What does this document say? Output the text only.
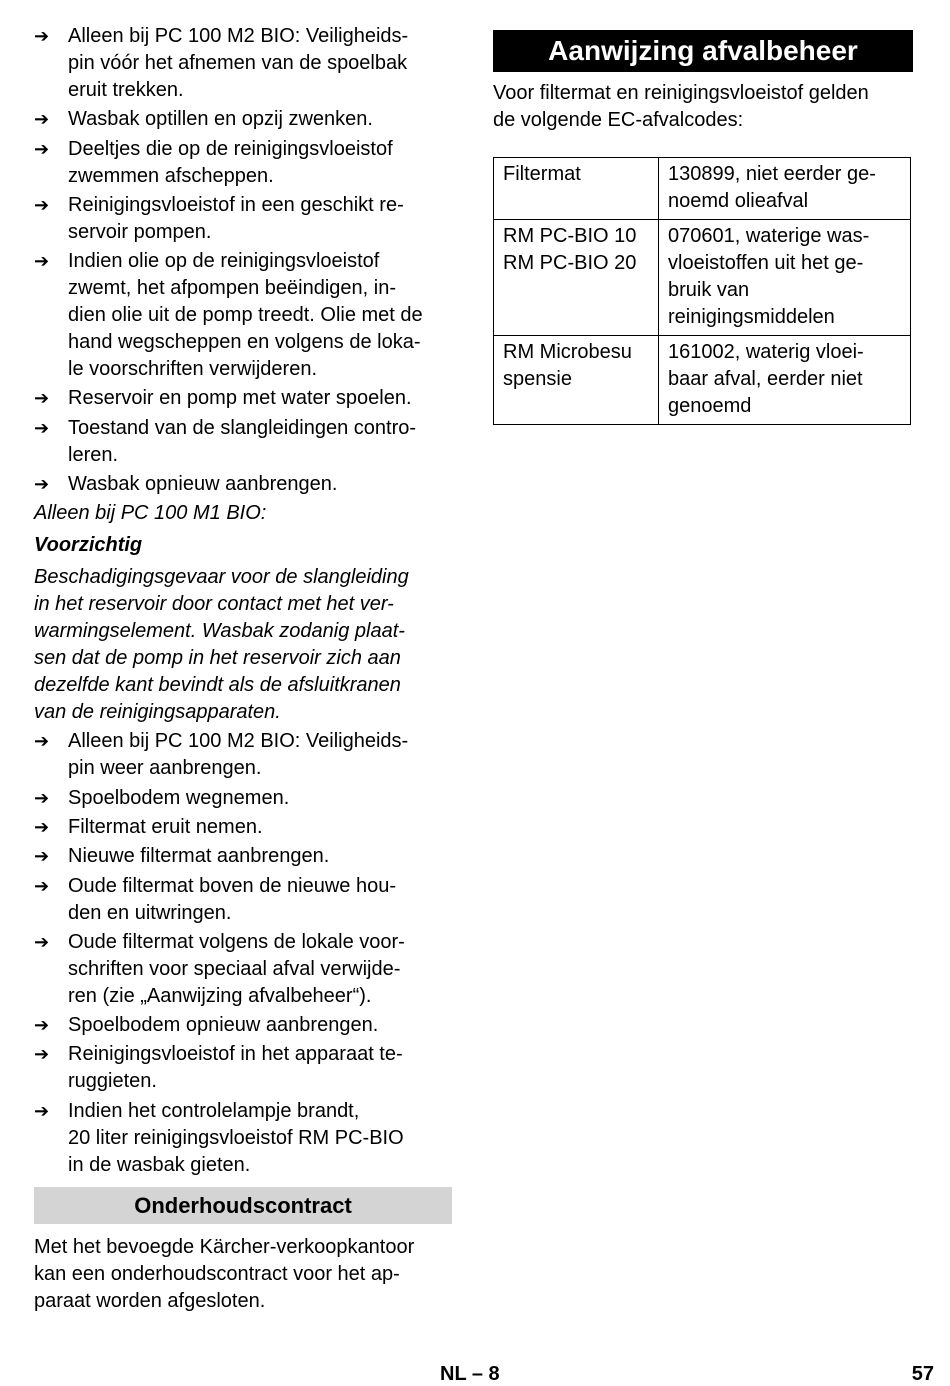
➔ Alleen bij PC 100 M2 BIO: Veiligheids-
pin vóór het afnemen van de spoelbak
eruit trekken.
➔ Wasbak optillen en opzij zwenken.
➔ Deeltjes die op de reinigingsvloeistof
zwemmen afscheppen.
➔ Reinigingsvloeistof in een geschikt re-
servoir pompen.
➔ Indien olie op de reinigingsvloeistof
zwemt, het afpompen beëindigen, in-
dien olie uit de pomp treedt. Olie met de
hand wegscheppen en volgens de loka-
le voorschriften verwijderen.
➔ Reservoir en pomp met water spoelen.
➔ Toestand van de slangleidingen contro-
leren.
➔ Wasbak opnieuw aanbrengen.
Alleen bij PC 100 M1 BIO:
Voorzichtig
Beschadigingsgevaar voor de slangleiding
in het reservoir door contact met het ver-
warmingselement. Wasbak zodanig plaat-
sen dat de pomp in het reservoir zich aan
dezelfde kant bevindt als de afsluitkranen
van de reinigingsapparaten.
➔ Alleen bij PC 100 M2 BIO: Veiligheids-
pin weer aanbrengen.
➔ Spoelbodem wegnemen.
➔ Filtermat eruit nemen.
➔ Nieuwe filtermat aanbrengen.
➔ Oude filtermat boven de nieuwe hou-
den en uitwringen.
➔ Oude filtermat volgens de lokale voor-
schriften voor speciaal afval verwijde-
ren (zie „Aanwijzing afvalbeheer“).
➔ Spoelbodem opnieuw aanbrengen.
➔ Reinigingsvloeistof in het apparaat te-
ruggieten.
➔ Indien het controlelampje brandt,
20 liter reinigingsvloeistof RM PC-BIO
in de wasbak gieten.
Onderhoudscontract
Met het bevoegde Kärcher-verkoopkantoor
kan een onderhoudscontract voor het ap-
paraat worden afgesloten.
Aanwijzing afvalbeheer
Voor filtermat en reinigingsvloeistof gelden
de volgende EC-afvalcodes:
Filtermat	130899, niet eerder ge-
noemd olieafval
RM PC-BIO 10
RM PC-BIO 20	070601, waterige was-
vloeistoffen uit het ge-
bruik van
reinigingsmiddelen
RM Microbesu
spensie	161002, waterig vloei-
baar afval, eerder niet
genoemd
NL – 8	57
